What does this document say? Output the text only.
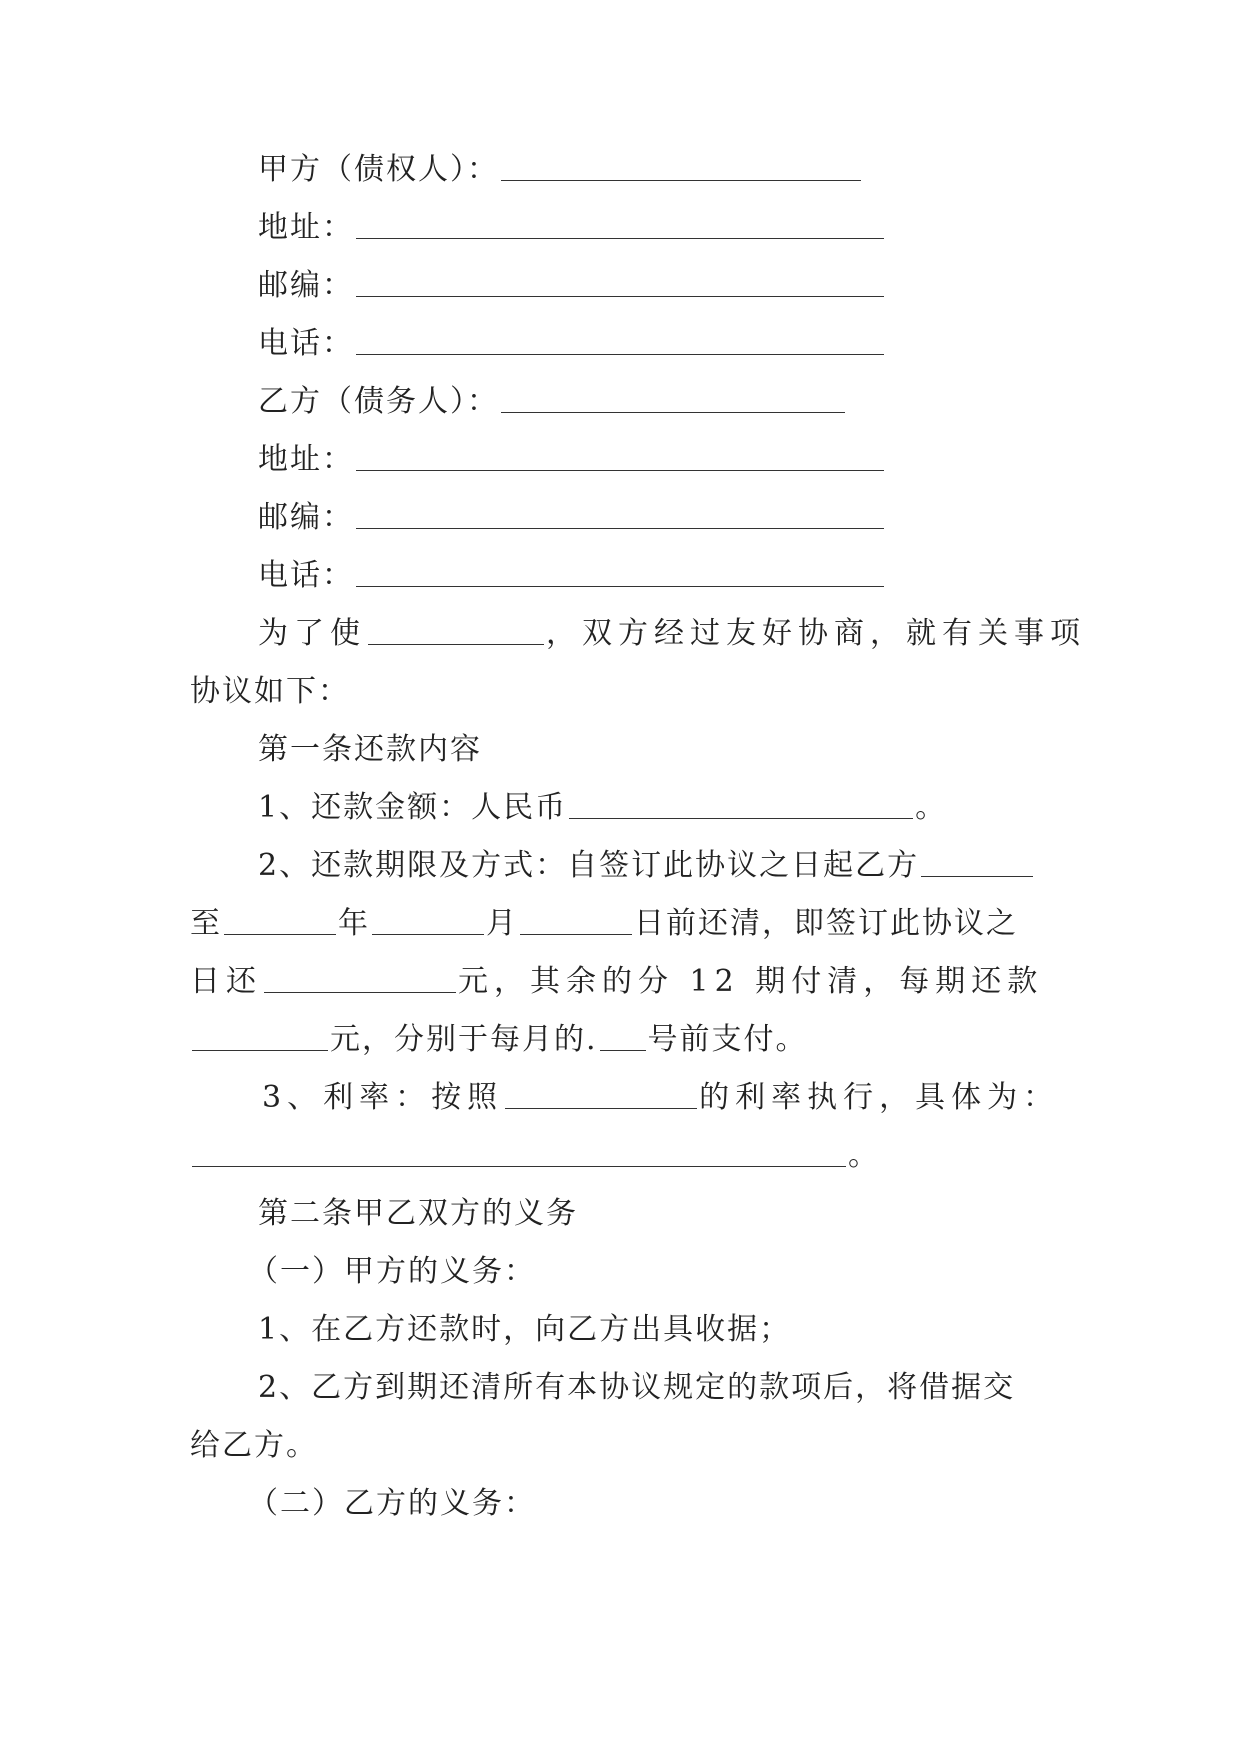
甲方（债权人）：
地址：
邮编：
电话：
乙方（债务人）：
地址：
邮编：
电话：
为了使	，双方经过友好协商，就有关事项
协议如下：
第一条还款内容
1、还款金额：人民币	。
2、还款期限及方式：自签订此协议之日起乙方
至	年	月	日前还清，即签订此协议之
日还	元，其余的分 12 期付清，每期还款
元，分别于每月的. 号前支付。
3、利率：按照	的利率执行，具体为：
。
第二条甲乙双方的义务
（一）甲方的义务：
1、在乙方还款时，向乙方出具收据；
2、乙方到期还清所有本协议规定的款项后，将借据交
给乙方。
（二）乙方的义务：
